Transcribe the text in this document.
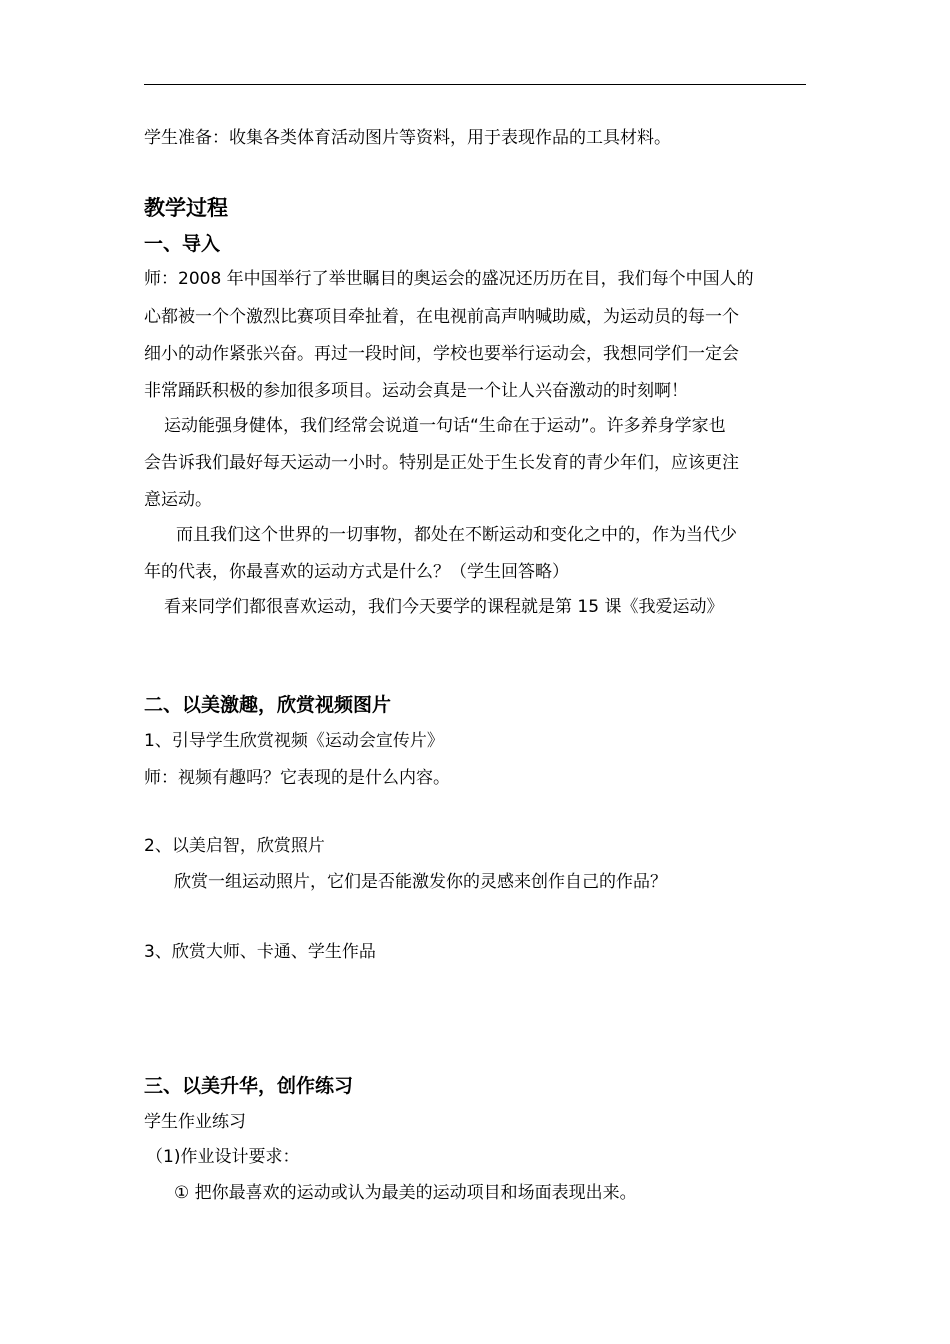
学生准备：收集各类体育活动图片等资料，用于表现作品的工具材料。
教学过程
一、导入
师：2008 年中国举行了举世瞩目的奥运会的盛况还历历在目，我们每个中国人的
心都被一个个激烈比赛项目牵扯着，在电视前高声呐喊助威，为运动员的每一个
细小的动作紧张兴奋。再过一段时间，学校也要举行运动会，我想同学们一定会
非常踊跃积极的参加很多项目。运动会真是一个让人兴奋激动的时刻啊！
运动能强身健体，我们经常会说道一句话“生命在于运动”。许多养身学家也
会告诉我们最好每天运动一小时。特别是正处于生长发育的青少年们，应该更注
意运动。
而且我们这个世界的一切事物，都处在不断运动和变化之中的，作为当代少
年的代表，你最喜欢的运动方式是什么？（学生回答略）
看来同学们都很喜欢运动，我们今天要学的课程就是第 15 课《我爱运动》
二、以美激趣，欣赏视频图片
1、引导学生欣赏视频《运动会宣传片》
师：视频有趣吗？它表现的是什么内容。
2、以美启智，欣赏照片
欣赏一组运动照片，它们是否能激发你的灵感来创作自己的作品？
3、欣赏大师、卡通、学生作品
三、以美升华，创作练习
学生作业练习
（1)作业设计要求：
① 把你最喜欢的运动或认为最美的运动项目和场面表现出来。
